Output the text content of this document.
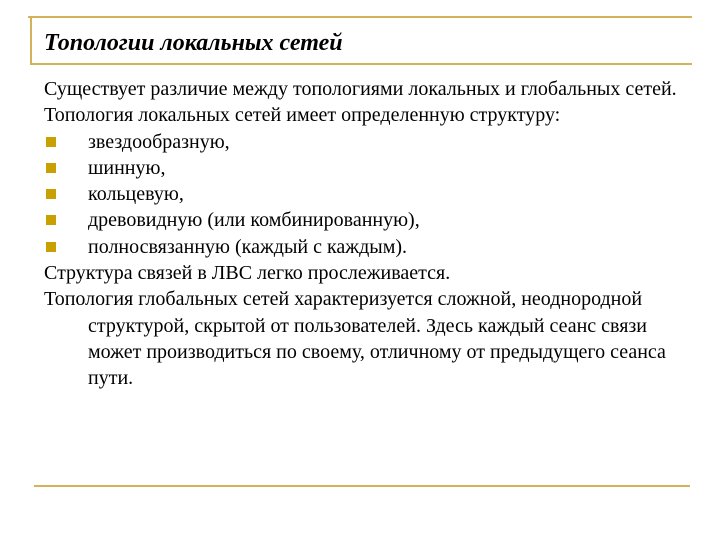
Топологии локальных сетей
Существует различие между топологиями локальных и глобальных сетей.
Топология локальных сетей имеет определенную структуру:
звездообразную,
шинную,
кольцевую,
древовидную (или комбинированную),
полносвязанную (каждый с каждым).
Структура связей в ЛВС легко прослеживается.
Топология глобальных сетей характеризуется сложной, неоднородной структурой, скрытой от пользователей. Здесь каждый сеанс связи может производиться по своему, отличному от предыдущего сеанса пути.
